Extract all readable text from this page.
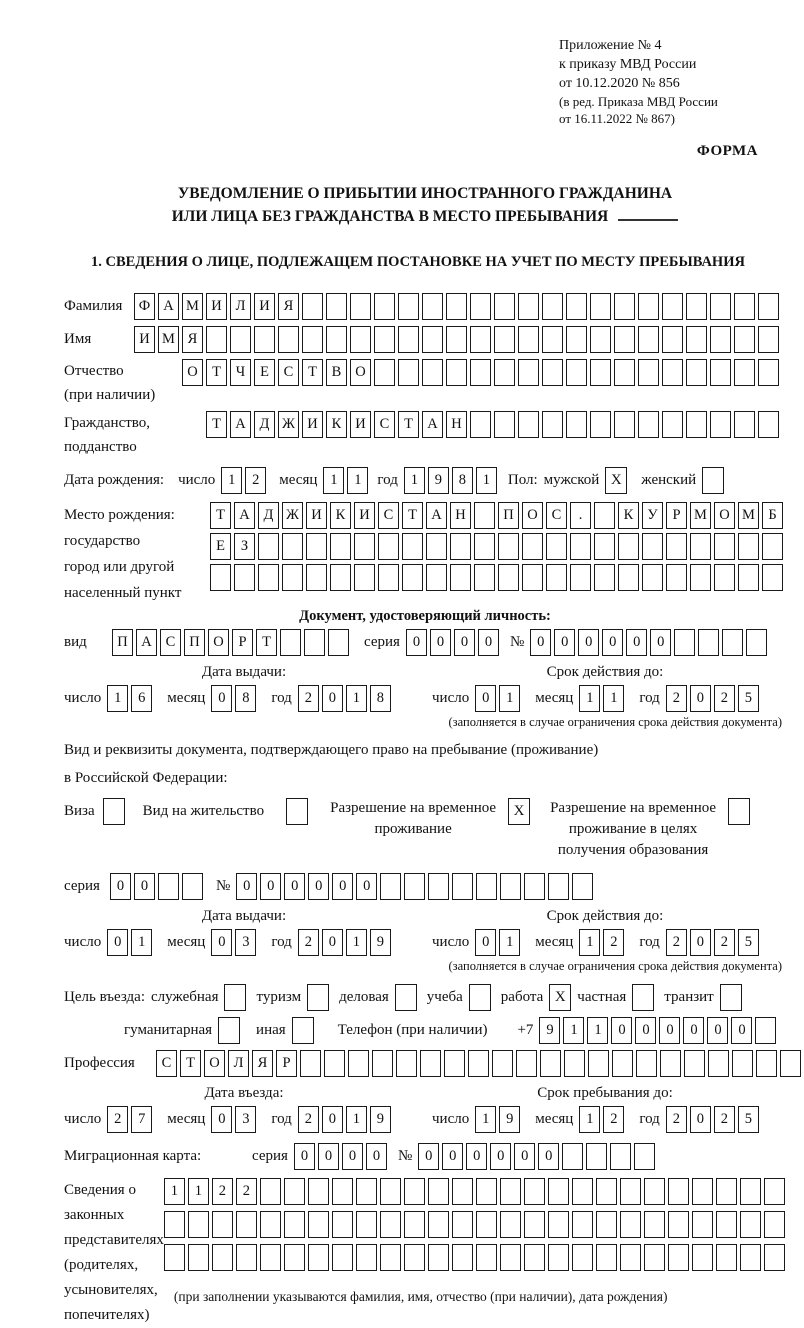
Приложение № 4
к приказу МВД России
от 10.12.2020 № 856
(в ред. Приказа МВД России
от 16.11.2022 № 867)
ФОРМА
УВЕДОМЛЕНИЕ О ПРИБЫТИИ ИНОСТРАННОГО ГРАЖДАНИНА
ИЛИ ЛИЦА БЕЗ ГРАЖДАНСТВА В МЕСТО ПРЕБЫВАНИЯ
1. СВЕДЕНИЯ О ЛИЦЕ, ПОДЛЕЖАЩЕМ ПОСТАНОВКЕ НА УЧЕТ ПО МЕСТУ ПРЕБЫВАНИЯ
Фамилия	Ф А М И Л И Я
Имя	И М Я
Отчество
(при наличии)
О Т	Ч	Е	С	Т	В О
Гражданство,
подданство
Т А Д Ж И К И С	Т А Н
Дата рождения: число 1	2	месяц 1	1	год 1	9	8	1	Пол: мужской X	женский
Место рождения:
государство
город или другой
населенный пункт
Т А Д Ж И К И С	Т А Н	П О С	.	К У	Р М О М Б
Е	З
Документ, удостоверяющий личность:
вид	П А С П О	Р	Т	серия 0	0	0	0	№ 0	0	0	0	0	0
Дата выдачи:	Срок действия до:
число 1	6	месяц 0	8	год 2	0	1	8	число 0	1	месяц 1	1	год 2	0	2	5
(заполняется в случае ограничения срока действия документа)
Вид и реквизиты документа, подтверждающего право на пребывание (проживание)
в Российской Федерации:
Виза	Вид на жительство	Разрешение на временное
проживание
X	Разрешение на временное
проживание в целях
получения образования
серия	0	0	№ 0	0	0	0	0	0
Дата выдачи:	Срок действия до:
число 0	1	месяц 0	3	год 2	0	1	9	число 0	1	месяц 1	2	год 2	0	2	5
(заполняется в случае ограничения срока действия документа)
Цель въезда: служебная	туризм	деловая	учеба	работа X частная	транзит
гуманитарная	иная	Телефон (при наличии) +7 9	1	1	0	0	0	0	0	0
Профессия	С	Т О Л Я	Р
Дата въезда:	Срок пребывания до:
число 2	7	месяц 0	3	год 2	0	1	9	число 1	9	месяц 1	2	год 2	0	2	5
Миграционная карта:	серия 0	0	0	0	№ 0	0	0	0	0	0
Сведения о
законных
представителях
(родителях,
усыновителях,
попечителях)
1	1	2	2
(при заполнении указываются фамилия, имя, отчество (при наличии), дата рождения)
